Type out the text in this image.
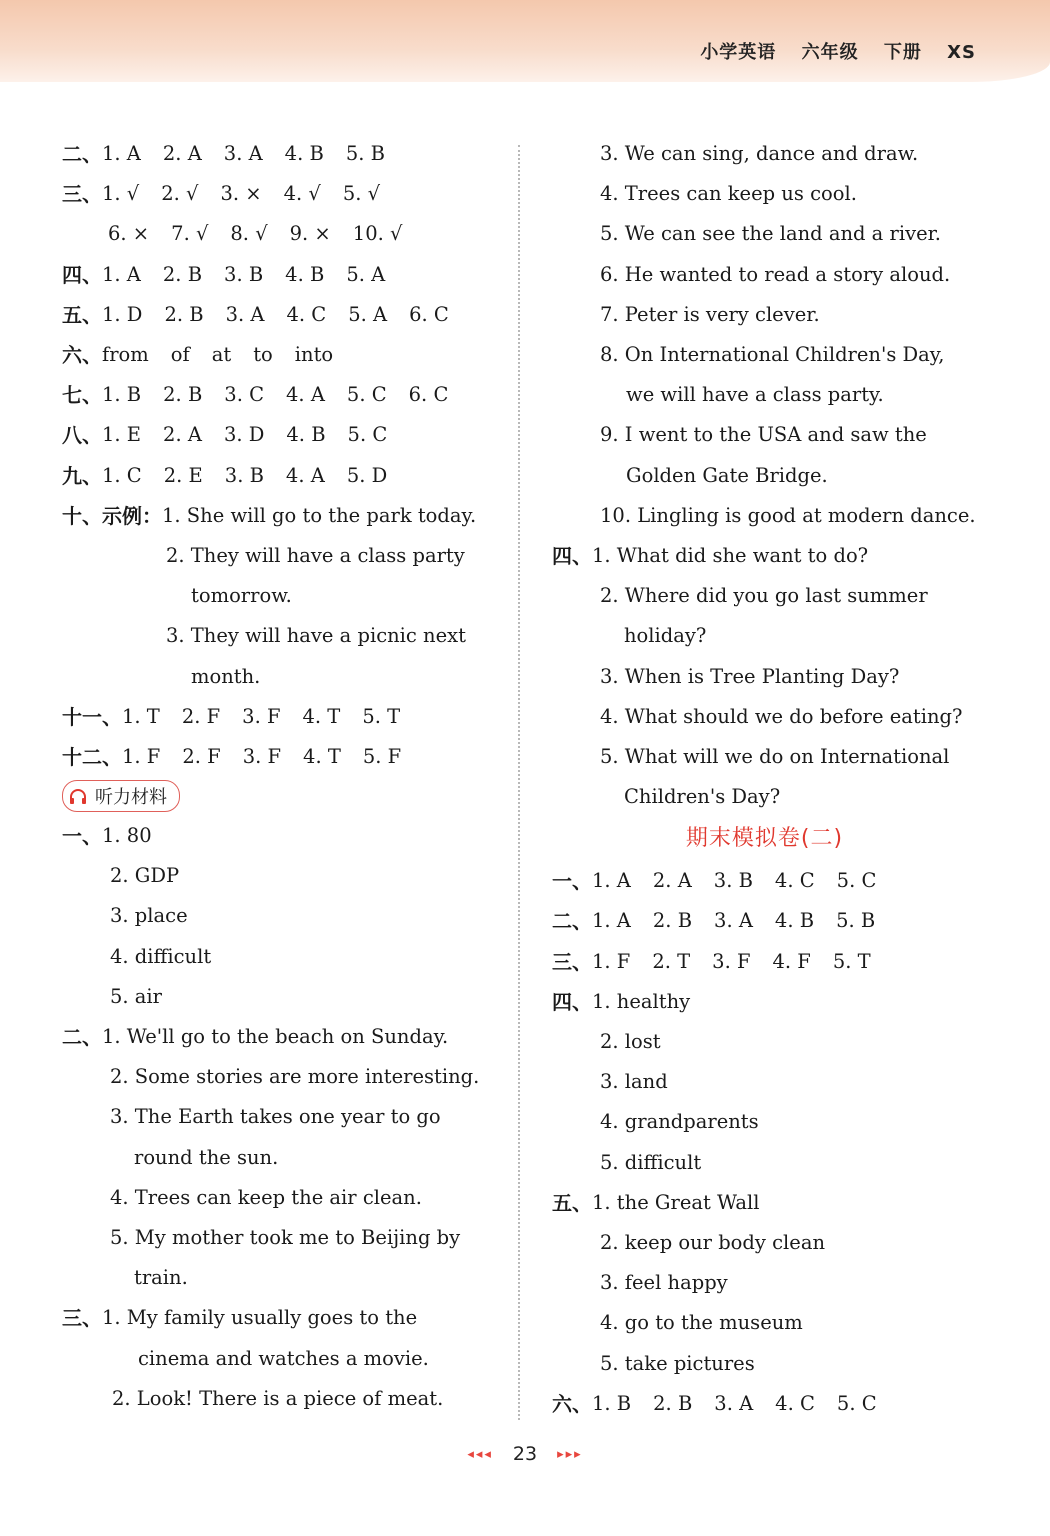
小学英语 六年级 下册 XS
二、 1. A 2. A 3. A 4. B 5. B
三、 1. √ 2. √ 3. × 4. √ 5. √
6. × 7. √ 8. √ 9. × 10. √
四、 1. A 2. B 3. B 4. B 5. A
五、 1. D 2. B 3. A 4. C 5. A 6. C
六、 from of at to into
七、 1. B 2. B 3. C 4. A 5. C 6. C
八、 1. E 2. A 3. D 4. B 5. C
九、 1. C 2. E 3. B 4. A 5. D
十、示例： 1. She will go to the park today.
2. They will have a class party
tomorrow.
3. They will have a picnic next
month.
十一、 1. T 2. F 3. F 4. T 5. T
十二、 1. F 2. F 3. F 4. T 5. F
听力材料
一、 1. 80
2. GDP
3. place
4. difficult
5. air
二、 1. We'll go to the beach on Sunday.
2. Some stories are more interesting.
3. The Earth takes one year to go
round the sun.
4. Trees can keep the air clean.
5. My mother took me to Beijing by
train.
三、 1. My family usually goes to the
cinema and watches a movie.
2. Look! There is a piece of meat.
3. We can sing, dance and draw.
4. Trees can keep us cool.
5. We can see the land and a river.
6. He wanted to read a story aloud.
7. Peter is very clever.
8. On International Children's Day,
we will have a class party.
9. I went to the USA and saw the
Golden Gate Bridge.
10. Lingling is good at modern dance.
四、 1. What did she want to do?
2. Where did you go last summer
holiday?
3. When is Tree Planting Day?
4. What should we do before eating?
5. What will we do on International
Children's Day?
期末模拟卷(二)
一、 1. A 2. A 3. B 4. C 5. C
二、 1. A 2. B 3. A 4. B 5. B
三、 1. F 2. T 3. F 4. F 5. T
四、 1. healthy
2. lost
3. land
4. grandparents
5. difficult
五、 1. the Great Wall
2. keep our body clean
3. feel happy
4. go to the museum
5. take pictures
六、 1. B 2. B 3. A 4. C 5. C
◂◂◂ 23 ▸▸▸
